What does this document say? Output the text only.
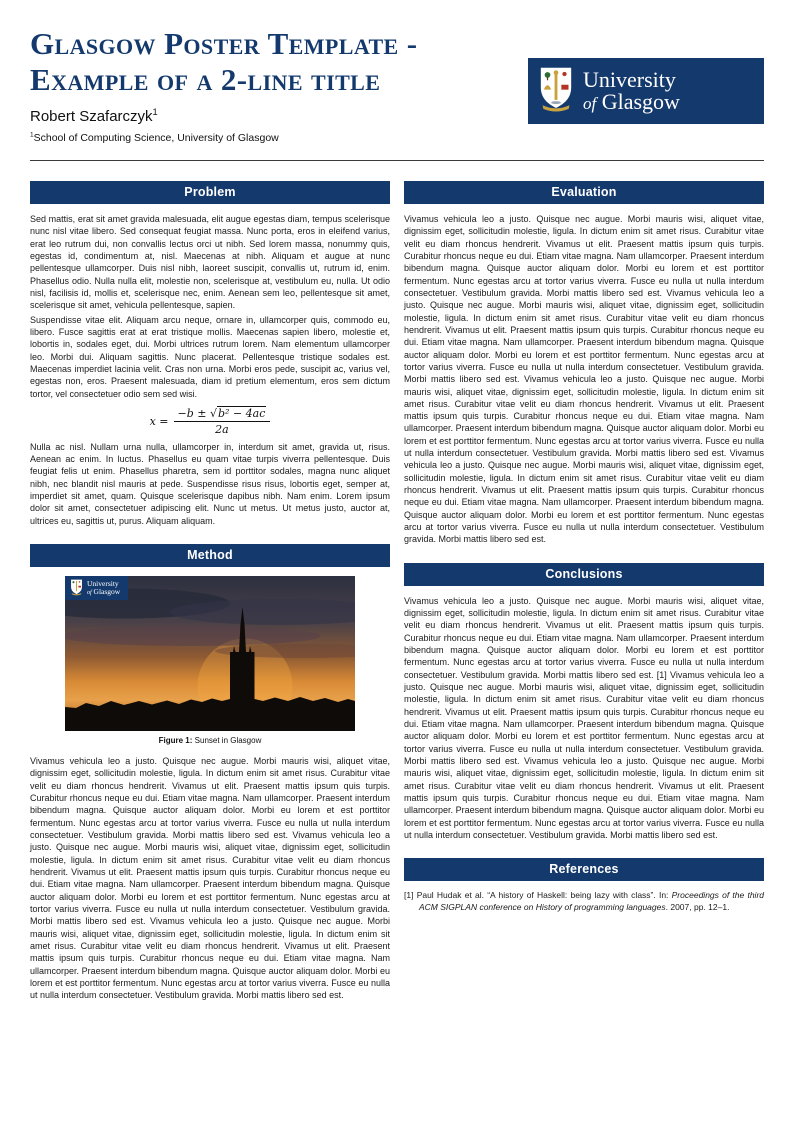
Glasgow Poster Template -
Example of a 2-line title
Robert Szafarczyk$^1$
$^1$School of Computing Science, University of Glasgow
University
of Glasgow
Problem

Sed mattis, erat sit amet gravida malesuada, elit augue egestas diam, tempus scelerisque nunc nisl vitae libero. Sed consequat feugiat massa. Nunc porta, eros in eleifend varius, erat leo rutrum dui, non convallis lectus orci ut nibh. Sed lorem massa, nonummy quis, egestas id, condimentum at, nisl. Maecenas at nibh. Aliquam et augue at nunc pellentesque ullamcorper. Duis nisl nibh, laoreet suscipit, convallis ut, rutrum id, enim. Phasellus odio. Nulla nulla elit, molestie non, scelerisque at, vestibulum eu, nulla. Ut odio nisl, facilisis id, mollis et, scelerisque nec, enim. Aenean sem leo, pellentesque sit amet, scelerisque sit amet, vehicula pellentesque, sapien.

Suspendisse vitae elit. Aliquam arcu neque, ornare in, ullamcorper quis, commodo eu, libero. Fusce sagittis erat at erat tristique mollis. Maecenas sapien libero, molestie et, lobortis in, sodales eget, dui. Morbi ultrices rutrum lorem. Nam elementum ullamcorper leo. Morbi dui. Aliquam sagittis. Nunc placerat. Pellentesque tristique sodales est. Maecenas imperdiet lacinia velit. Cras non urna. Morbi eros pede, suscipit ac, varius vel, egestas non, eros. Praesent malesuada, diam id pretium elementum, eros sem dictum tortor, vel consectetuer odio sem sed wisi.

$x = \frac{\text{−b ± √b² − 4ac}}{2a}$

Nulla ac nisl. Nullam urna nulla, ullamcorper in, interdum sit amet, gravida ut, risus. Aenean ac enim. In luctus. Phasellus eu quam vitae turpis viverra pellentesque. Duis feugiat felis ut enim. Phasellus pharetra, sem id porttitor sodales, magna nunc aliquet nibh, nec blandit nisl mauris at pede. Suspendisse risus risus, lobortis eget, semper at, imperdiet sit amet, quam. Quisque scelerisque dapibus nibh. Nam enim. Lorem ipsum dolor sit amet, consectetuer adipiscing elit. Nunc ut metus. Ut metus justo, auctor at, ultrices eu, sagittis ut, purus. Aliquam aliquam.

Method
University
of Glasgow
Figure 1: Sunset in Glasgow

Vivamus vehicula leo a justo. Quisque nec augue. Morbi mauris wisi, aliquet vitae, dignissim eget, sollicitudin molestie, ligula. In dictum enim sit amet risus. Curabitur vitae velit eu diam rhoncus hendrerit. Vivamus ut elit. Praesent mattis ipsum quis turpis. Curabitur rhoncus neque eu dui. Etiam vitae magna. Nam ullamcorper. Praesent interdum bibendum magna. Quisque auctor aliquam dolor. Morbi eu lorem et est porttitor fermentum. Nunc egestas arcu at tortor varius viverra. Fusce eu nulla ut nulla interdum consectetuer. Vestibulum gravida. Morbi mattis libero sed est. Vivamus vehicula leo a justo. Quisque nec augue. Morbi mauris wisi, aliquet vitae, dignissim eget, sollicitudin molestie, ligula. In dictum enim sit amet risus. Curabitur vitae velit eu diam rhoncus hendrerit. Vivamus ut elit. Praesent mattis ipsum quis turpis. Curabitur rhoncus neque eu dui. Etiam vitae magna. Nam ullamcorper. Praesent interdum bibendum magna. Quisque auctor aliquam dolor. Morbi eu lorem et est porttitor fermentum. Nunc egestas arcu at tortor varius viverra. Fusce eu nulla ut nulla interdum consectetuer. Vestibulum gravida. Morbi mattis libero sed est. Vivamus vehicula leo a justo. Quisque nec augue. Morbi mauris wisi, aliquet vitae, dignissim eget, sollicitudin molestie, ligula. In dictum enim sit amet risus. Curabitur vitae velit eu diam rhoncus hendrerit. Vivamus ut elit. Praesent mattis ipsum quis turpis. Curabitur rhoncus neque eu dui. Etiam vitae magna. Nam ullamcorper. Praesent interdum bibendum magna. Quisque auctor aliquam dolor. Morbi eu lorem et est porttitor fermentum. Nunc egestas arcu at tortor varius viverra. Fusce eu nulla ut nulla interdum consectetuer. Vestibulum gravida. Morbi mattis libero sed est.

Evaluation

Vivamus vehicula leo a justo. Quisque nec augue. Morbi mauris wisi, aliquet vitae, dignissim eget, sollicitudin molestie, ligula. In dictum enim sit amet risus. Curabitur vitae velit eu diam rhoncus hendrerit. Vivamus ut elit. Praesent mattis ipsum quis turpis. Curabitur rhoncus neque eu dui. Etiam vitae magna. Nam ullamcorper. Praesent interdum bibendum magna. Quisque auctor aliquam dolor. Morbi eu lorem et est porttitor fermentum. Nunc egestas arcu at tortor varius viverra. Fusce eu nulla ut nulla interdum consectetuer. Vestibulum gravida. Morbi mattis libero sed est. Vivamus vehicula leo a justo. Quisque nec augue. Morbi mauris wisi, aliquet vitae, dignissim eget, sollicitudin molestie, ligula. In dictum enim sit amet risus. Curabitur vitae velit eu diam rhoncus hendrerit. Vivamus ut elit. Praesent mattis ipsum quis turpis. Curabitur rhoncus neque eu dui. Etiam vitae magna. Nam ullamcorper. Praesent interdum bibendum magna. Quisque auctor aliquam dolor. Morbi eu lorem et est porttitor fermentum. Nunc egestas arcu at tortor varius viverra. Fusce eu nulla ut nulla interdum consectetuer. Vestibulum gravida. Morbi mattis libero sed est. Vivamus vehicula leo a justo. Quisque nec augue. Morbi mauris wisi, aliquet vitae, dignissim eget, sollicitudin molestie, ligula. In dictum enim sit amet risus. Curabitur vitae velit eu diam rhoncus hendrerit. Vivamus ut elit. Praesent mattis ipsum quis turpis. Curabitur rhoncus neque eu dui. Etiam vitae magna. Nam ullamcorper. Praesent interdum bibendum magna. Quisque auctor aliquam dolor. Morbi eu lorem et est porttitor fermentum. Nunc egestas arcu at tortor varius viverra. Fusce eu nulla ut nulla interdum consectetuer. Vestibulum gravida. Morbi mattis libero sed est. Vivamus vehicula leo a justo. Quisque nec augue. Morbi mauris wisi, aliquet vitae, dignissim eget, sollicitudin molestie, ligula. In dictum enim sit amet risus. Curabitur vitae velit eu diam rhoncus hendrerit. Vivamus ut elit. Praesent mattis ipsum quis turpis. Curabitur rhoncus neque eu dui. Etiam vitae magna. Nam ullamcorper. Praesent interdum bibendum magna. Quisque auctor aliquam dolor. Morbi eu lorem et est porttitor fermentum. Nunc egestas arcu at tortor varius viverra. Fusce eu nulla ut nulla interdum consectetuer. Vestibulum gravida. Morbi mattis libero sed est.

Conclusions

Vivamus vehicula leo a justo. Quisque nec augue. Morbi mauris wisi, aliquet vitae, dignissim eget, sollicitudin molestie, ligula. In dictum enim sit amet risus. Curabitur vitae velit eu diam rhoncus hendrerit. Vivamus ut elit. Praesent mattis ipsum quis turpis. Curabitur rhoncus neque eu dui. Etiam vitae magna. Nam ullamcorper. Praesent interdum bibendum magna. Quisque auctor aliquam dolor. Morbi eu lorem et est porttitor fermentum. Nunc egestas arcu at tortor varius viverra. Fusce eu nulla ut nulla interdum consectetuer. Vestibulum gravida. Morbi mattis libero sed est. [1] Vivamus vehicula leo a justo. Quisque nec augue. Morbi mauris wisi, aliquet vitae, dignissim eget, sollicitudin molestie, ligula. In dictum enim sit amet risus. Curabitur vitae velit eu diam rhoncus hendrerit. Vivamus ut elit. Praesent mattis ipsum quis turpis. Curabitur rhoncus neque eu dui. Etiam vitae magna. Nam ullamcorper. Praesent interdum bibendum magna. Quisque auctor aliquam dolor. Morbi eu lorem et est porttitor fermentum. Nunc egestas arcu at tortor varius viverra. Fusce eu nulla ut nulla interdum consectetuer. Vestibulum gravida. Morbi mattis libero sed est. Vivamus vehicula leo a justo. Quisque nec augue. Morbi mauris wisi, aliquet vitae, dignissim eget, sollicitudin molestie, ligula. In dictum enim sit amet risus. Curabitur vitae velit eu diam rhoncus hendrerit. Vivamus ut elit. Praesent mattis ipsum quis turpis. Curabitur rhoncus neque eu dui. Etiam vitae magna. Nam ullamcorper. Praesent interdum bibendum magna. Quisque auctor aliquam dolor. Morbi eu lorem et est porttitor fermentum. Nunc egestas arcu at tortor varius viverra. Fusce eu nulla ut nulla interdum consectetuer. Vestibulum gravida. Morbi mattis libero sed est.

References

[1] Paul Hudak et al. “A history of Haskell: being lazy with class”. In: Proceedings of the third ACM SIGPLAN conference on History of programming languages. 2007, pp. 12–1.
